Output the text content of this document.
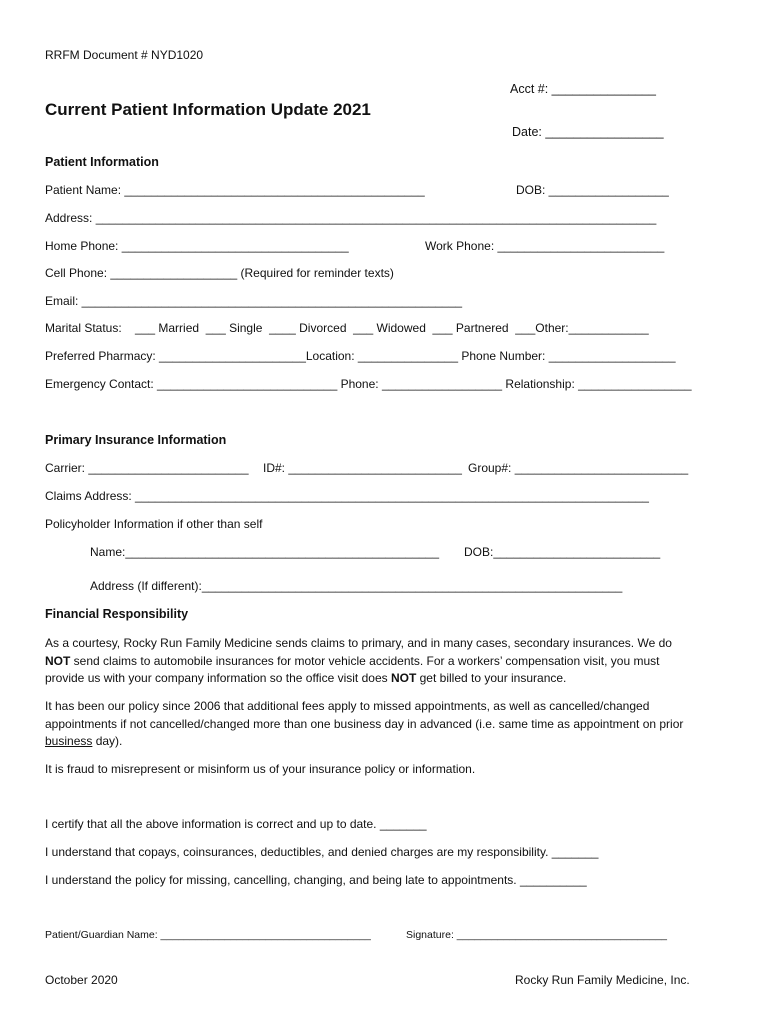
RRFM Document # NYD1020
Acct #: _______________
Current Patient Information Update 2021
Date: _________________
Patient Information
Patient Name: _____________________________________________	DOB: __________________
Address: ____________________________________________________________________________________
Home Phone: __________________________________	Work Phone: _________________________
Cell Phone: ___________________ (Required for reminder texts)
Email: _________________________________________________________
Marital Status:    ___ Married  ___ Single  ____ Divorced  ___ Widowed  ___ Partnered  ___Other:____________
Preferred Pharmacy: ______________________Location: _______________ Phone Number: ___________________
Emergency Contact: ___________________________ Phone: __________________ Relationship: _________________
Primary Insurance Information
Carrier: ________________________ ID#: __________________________ Group#: __________________________
Claims Address: _____________________________________________________________________________
Policyholder Information if other than self
Name:_______________________________________________ DOB:_________________________
Address (If different):_______________________________________________________________
Financial Responsibility
As a courtesy, Rocky Run Family Medicine sends claims to primary, and in many cases, secondary insurances. We do
NOT send claims to automobile insurances for motor vehicle accidents. For a workers’ compensation visit, you must
provide us with your company information so the office visit does NOT get billed to your insurance.
It has been our policy since 2006 that additional fees apply to missed appointments, as well as cancelled/changed
appointments if not cancelled/changed more than one business day in advanced (i.e. same time as appointment on prior
business day).
It is fraud to misrepresent or misinform us of your insurance policy or information.
I certify that all the above information is correct and up to date. _______
I understand that copays, coinsurances, deductibles, and denied charges are my responsibility. _______
I understand the policy for missing, cancelling, changing, and being late to appointments. __________
Patient/Guardian Name: ____________________________________	Signature: ____________________________________
October 2020	Rocky Run Family Medicine, Inc.
